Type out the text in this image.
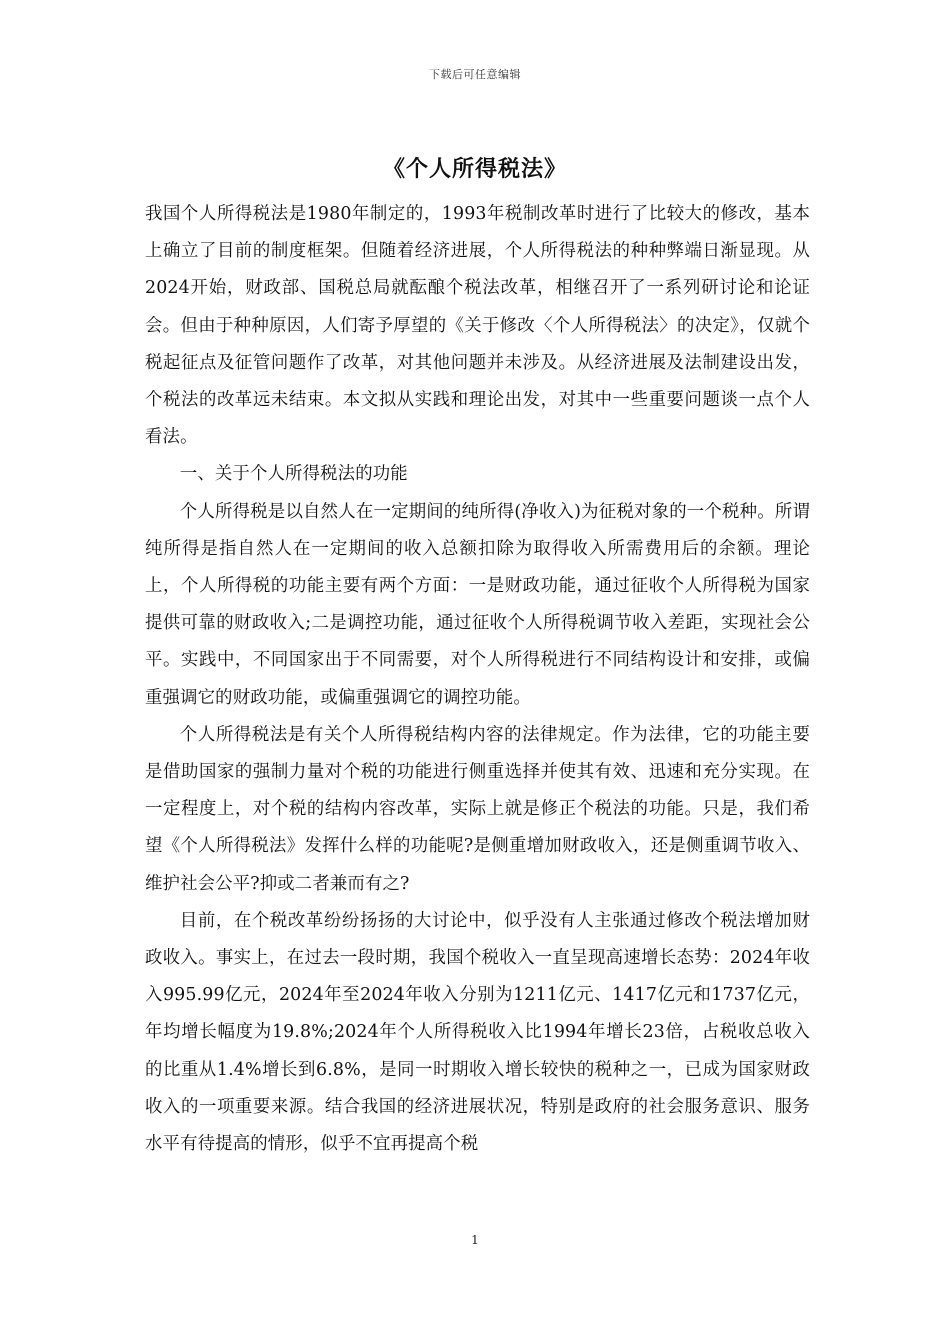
下载后可任意编辑
《个人所得税法》

我国个人所得税法是1980年制定的，1993年税制改革时进行了比较大的修改，基本上确立了目前的制度框架。但随着经济进展，个人所得税法的种种弊端日渐显现。从2024开始，财政部、国税总局就酝酿个税法改革，相继召开了一系列研讨论和论证会。但由于种种原因，人们寄予厚望的《关于修改〈个人所得税法〉的决定》，仅就个税起征点及征管问题作了改革，对其他问题并未涉及。从经济进展及法制建设出发，个税法的改革远未结束。本文拟从实践和理论出发，对其中一些重要问题谈一点个人看法。

一、关于个人所得税法的功能

个人所得税是以自然人在一定期间的纯所得(净收入)为征税对象的一个税种。所谓纯所得是指自然人在一定期间的收入总额扣除为取得收入所需费用后的余额。理论上，个人所得税的功能主要有两个方面：一是财政功能，通过征收个人所得税为国家提供可靠的财政收入;二是调控功能，通过征收个人所得税调节收入差距，实现社会公平。实践中，不同国家出于不同需要，对个人所得税进行不同结构设计和安排，或偏重强调它的财政功能，或偏重强调它的调控功能。

个人所得税法是有关个人所得税结构内容的法律规定。作为法律，它的功能主要是借助国家的强制力量对个税的功能进行侧重选择并使其有效、迅速和充分实现。在一定程度上，对个税的结构内容改革，实际上就是修正个税法的功能。只是，我们希望《个人所得税法》发挥什么样的功能呢?是侧重增加财政收入，还是侧重调节收入、维护社会公平?抑或二者兼而有之?

目前，在个税改革纷纷扬扬的大讨论中，似乎没有人主张通过修改个税法增加财政收入。事实上，在过去一段时期，我国个税收入一直呈现高速增长态势：2024年收入995.99亿元，2024年至2024年收入分别为1211亿元、1417亿元和1737亿元，年均增长幅度为19.8%;2024年个人所得税收入比1994年增长23倍，占税收总收入的比重从1.4%增长到6.8%，是同一时期收入增长较快的税种之一，已成为国家财政收入的一项重要来源。结合我国的经济进展状况，特别是政府的社会服务意识、服务水平有待提高的情形，似乎不宜再提高个税

1
